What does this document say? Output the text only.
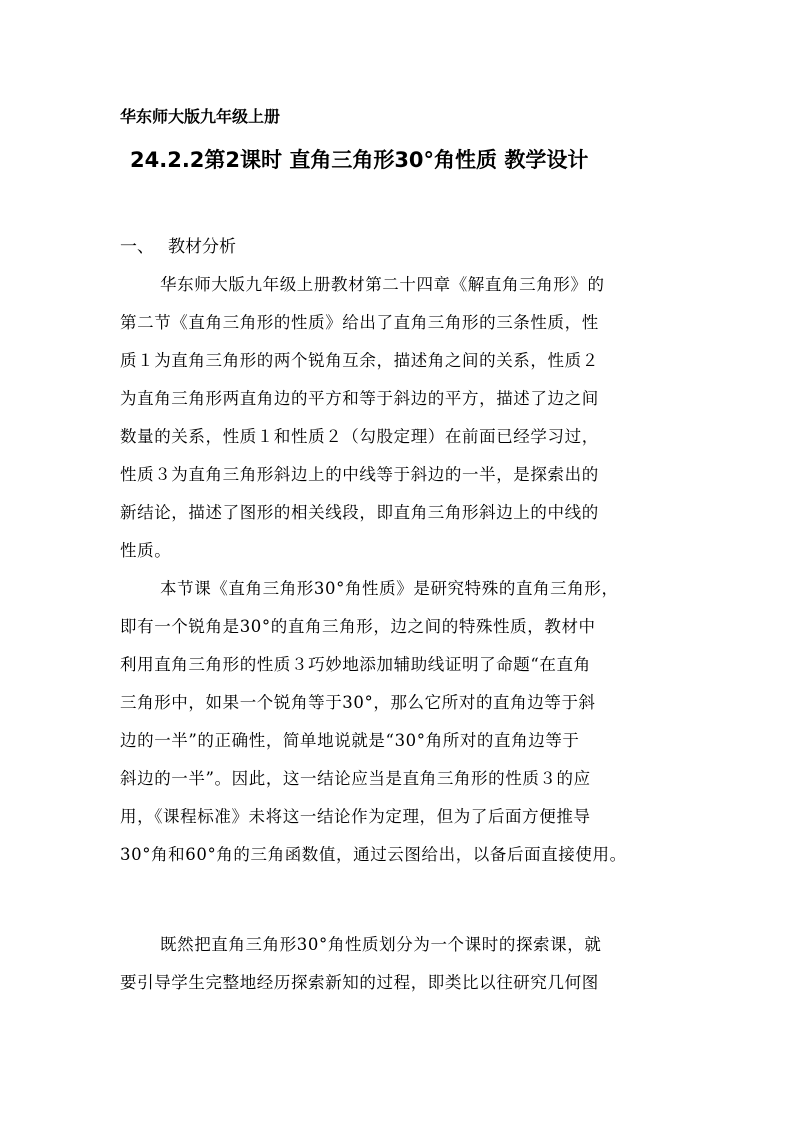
华东师大版九年级上册
24.2.2第2课时 直角三角形30°角性质 教学设计
一、 教材分析
华东师大版九年级上册教材第二十四章《解直角三角形》的
第二节《直角三角形的性质》给出了直角三角形的三条性质，性
质１为直角三角形的两个锐角互余，描述角之间的关系，性质２
为直角三角形两直角边的平方和等于斜边的平方，描述了边之间
数量的关系，性质１和性质２（勾股定理）在前面已经学习过，
性质３为直角三角形斜边上的中线等于斜边的一半，是探索出的
新结论，描述了图形的相关线段，即直角三角形斜边上的中线的
性质。
本节课《直角三角形30°角性质》是研究特殊的直角三角形，
即有一个锐角是30°的直角三角形，边之间的特殊性质，教材中
利用直角三角形的性质３巧妙地添加辅助线证明了命题“在直角
三角形中，如果一个锐角等于30°，那么它所对的直角边等于斜
边的一半”的正确性，简单地说就是“30°角所对的直角边等于
斜边的一半”。因此，这一结论应当是直角三角形的性质３的应
用，《课程标准》未将这一结论作为定理，但为了后面方便推导
30°角和60°角的三角函数值，通过云图给出，以备后面直接使用。
既然把直角三角形30°角性质划分为一个课时的探索课，就
要引导学生完整地经历探索新知的过程，即类比以往研究几何图
